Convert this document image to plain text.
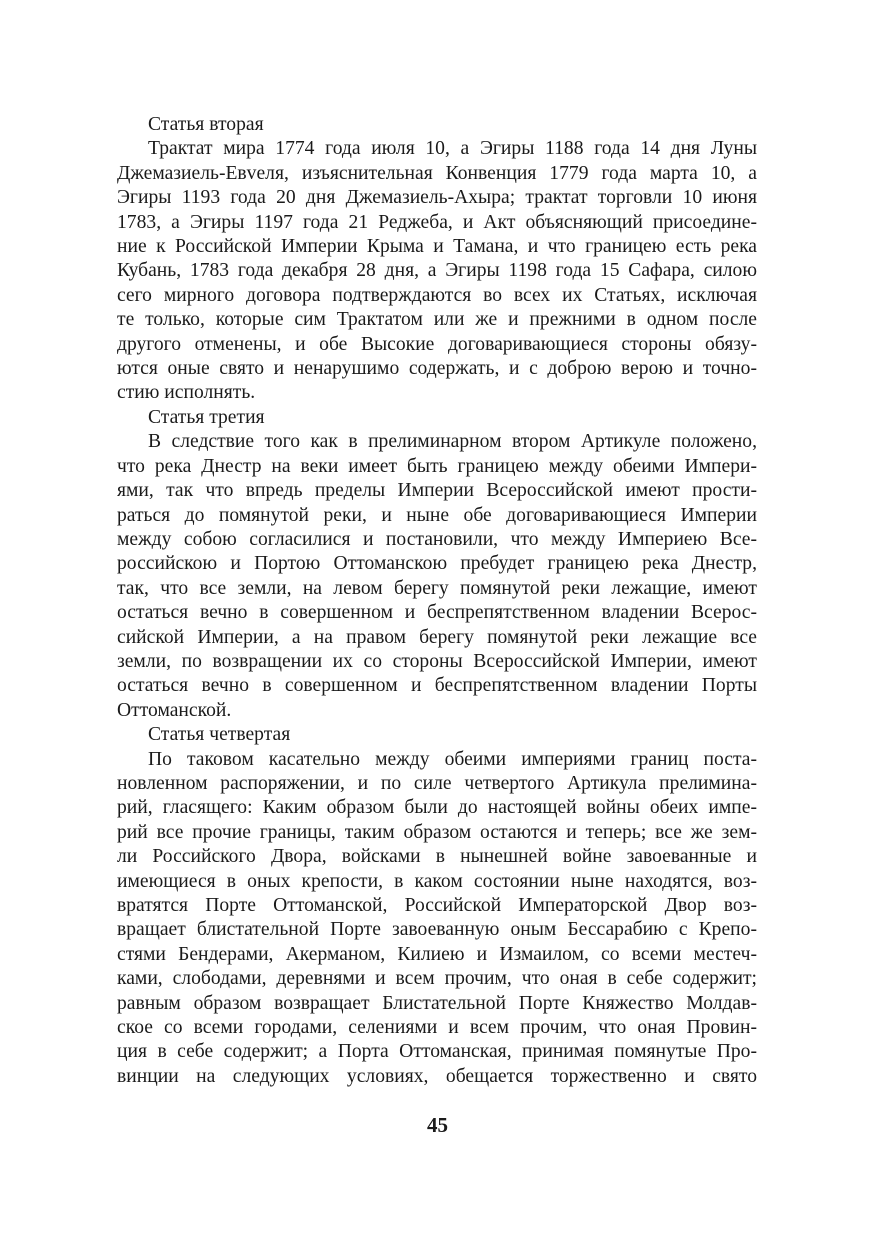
Статья вторая
Трактат мира 1774 года июля 10, а Эгиры 1188 года 14 дня Луны
Джемазиель-Евveля, изъяснительная Конвенция 1779 года марта 10, а
Эгиры 1193 года 20 дня Джемазиель-Ахыра; трактат торговли 10 июня
1783, а Эгиры 1197 года 21 Реджеба, и Акт объясняющий присоедине-
ние к Российской Империи Крыма и Тамана, и что границею есть река
Кубань, 1783 года декабря 28 дня, а Эгиры 1198 года 15 Сафара, силою
сего мирного договора подтверждаются во всех их Статьях, исключая
те только, которые сим Трактатом или же и прежними в одном после
другого отменены, и обе Высокие договаривающиеся стороны обязу-
ются оные свято и ненарушимо содержать, и с доброю верою и точно-
стию исполнять.
Статья третия
В следствие того как в прелиминарном втором Артикуле положено,
что река Днестр на веки имеет быть границею между обеими Импери-
ями, так что впредь пределы Империи Всероссийской имеют прости-
раться до помянутой реки, и ныне обе договаривающиеся Империи
между собою согласилися и постановили, что между Империею Все-
российскою и Портою Оттоманскою пребудет границею река Днестр,
так, что все земли, на левом берегу помянутой реки лежащие, имеют
остаться вечно в совершенном и беспрепятственном владении Всерос-
сийской Империи, а на правом берегу помянутой реки лежащие все
земли, по возвращении их со стороны Всероссийской Империи, имеют
остаться вечно в совершенном и беспрепятственном владении Порты
Оттоманской.
Статья четвертая
По таковом касательно между обеими империями границ поста-
новленном распоряжении, и по силе четвертого Артикула прелимина-
рий, гласящего: Каким образом были до настоящей войны обеих импе-
рий все прочие границы, таким образом остаются и теперь; все же зем-
ли Российского Двора, войсками в нынешней войне завоеванные и
имеющиеся в оных крепости, в каком состоянии ныне находятся, воз-
вратятся Порте Оттоманской, Российской Императорской Двор воз-
вращает блистательной Порте завоеванную оным Бессарабию с Крепо-
стями Бендерами, Акерманом, Килиею и Измаилом, со всеми местеч-
ками, слободами, деревнями и всем прочим, что оная в себе содержит;
равным образом возвращает Блистательной Порте Княжество Молдав-
ское со всеми городами, селениями и всем прочим, что оная Провин-
ция в себе содержит; а Порта Оттоманская, принимая помянутые Про-
винции на следующих условиях, обещается торжественно и свято
45
